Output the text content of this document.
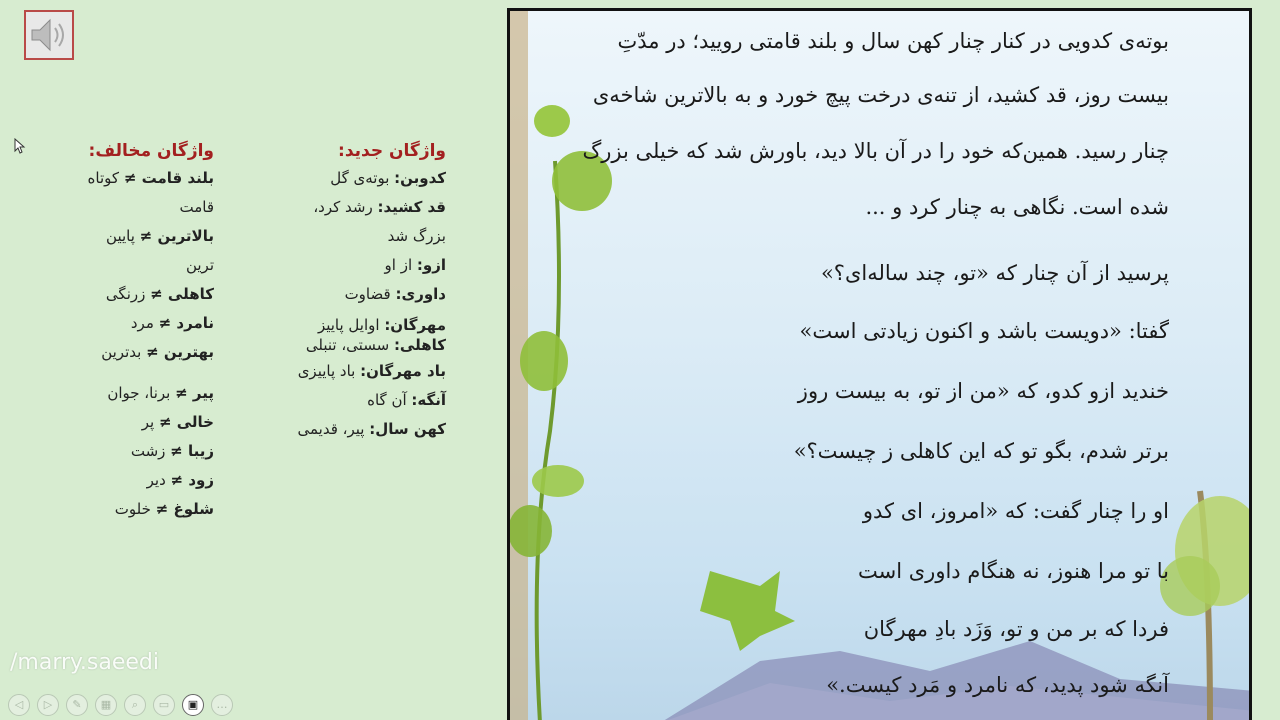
واژگان جدید:
کدوبن: بوته‌ی گل
قد کشید: رشد کرد،
بزرگ شد
ازو: از او
داوری: قضاوت
مهرگان: اوایل پاییز
کاهلی: سستی، تنبلی
باد مهرگان: باد پاییزی
آنگه: آن گاه
کهن سال: پیر، قدیمی
واژگان مخالف:
بلند قامت ≠ کوتاه
قامت
بالاترین ≠ پایین
ترین
کاهلی ≠ زرنگی
نامرد ≠ مرد
بهترین ≠ بدترین
پیر ≠ برنا، جوان
خالی ≠ پر
زیبا ≠ زشت
زود ≠ دیر
شلوغ ≠ خلوت
/marry.saeedi
◁	▷	✎	▦	⌕	▭	▣	…
بوته‌ی کدویی در کنار چنار کهن سال و بلند قامتی رویید؛ در مدّتِ
بیست روز، قد کشید، از تنه‌ی درخت پیچ خورد و به بالاترین شاخه‌ی
چنار رسید. همین‌که خود را در آن بالا دید، باورش شد که خیلی بزرگ
شده است. نگاهی به چنار کرد و ...
پرسید از آن چنار که «تو، چند ساله‌ای؟»
گفتا: «دویست باشد و اکنون زیادتی است»
خندید ازو کدو، که «من از تو، به بیست روز
برتر شدم، بگو تو که این کاهلی ز چیست؟»
او را چنار گفت: که «امروز، ای کدو
با تو مرا هنوز، نه هنگام داوری است
فردا که بر من و تو، وَزَد بادِ مهرگان
آنگه شود پدید، که نامرد و مَرد کیست.»
